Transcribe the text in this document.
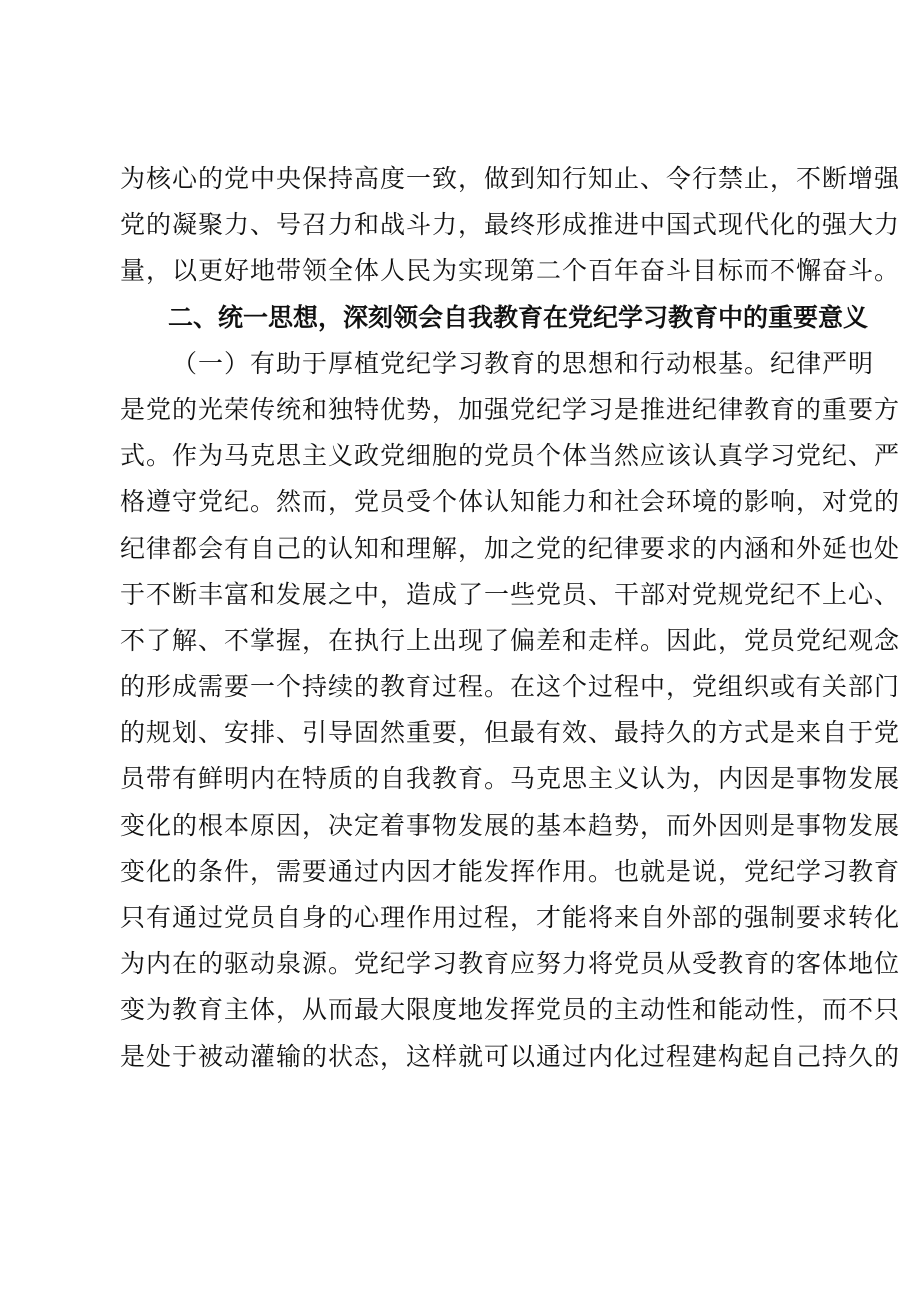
为核心的党中央保持高度一致，做到知行知止、令行禁止，不断增强
党的凝聚力、号召力和战斗力，最终形成推进中国式现代化的强大力
量，以更好地带领全体人民为实现第二个百年奋斗目标而不懈奋斗。
二、统一思想，深刻领会自我教育在党纪学习教育中的重要意义
（一）有助于厚植党纪学习教育的思想和行动根基。纪律严明
是党的光荣传统和独特优势，加强党纪学习是推进纪律教育的重要方
式。作为马克思主义政党细胞的党员个体当然应该认真学习党纪、严
格遵守党纪。然而，党员受个体认知能力和社会环境的影响，对党的
纪律都会有自己的认知和理解，加之党的纪律要求的内涵和外延也处
于不断丰富和发展之中，造成了一些党员、干部对党规党纪不上心、
不了解、不掌握，在执行上出现了偏差和走样。因此，党员党纪观念
的形成需要一个持续的教育过程。在这个过程中，党组织或有关部门
的规划、安排、引导固然重要，但最有效、最持久的方式是来自于党
员带有鲜明内在特质的自我教育。马克思主义认为，内因是事物发展
变化的根本原因，决定着事物发展的基本趋势，而外因则是事物发展
变化的条件，需要通过内因才能发挥作用。也就是说，党纪学习教育
只有通过党员自身的心理作用过程，才能将来自外部的强制要求转化
为内在的驱动泉源。党纪学习教育应努力将党员从受教育的客体地位
变为教育主体，从而最大限度地发挥党员的主动性和能动性，而不只
是处于被动灌输的状态，这样就可以通过内化过程建构起自己持久的
